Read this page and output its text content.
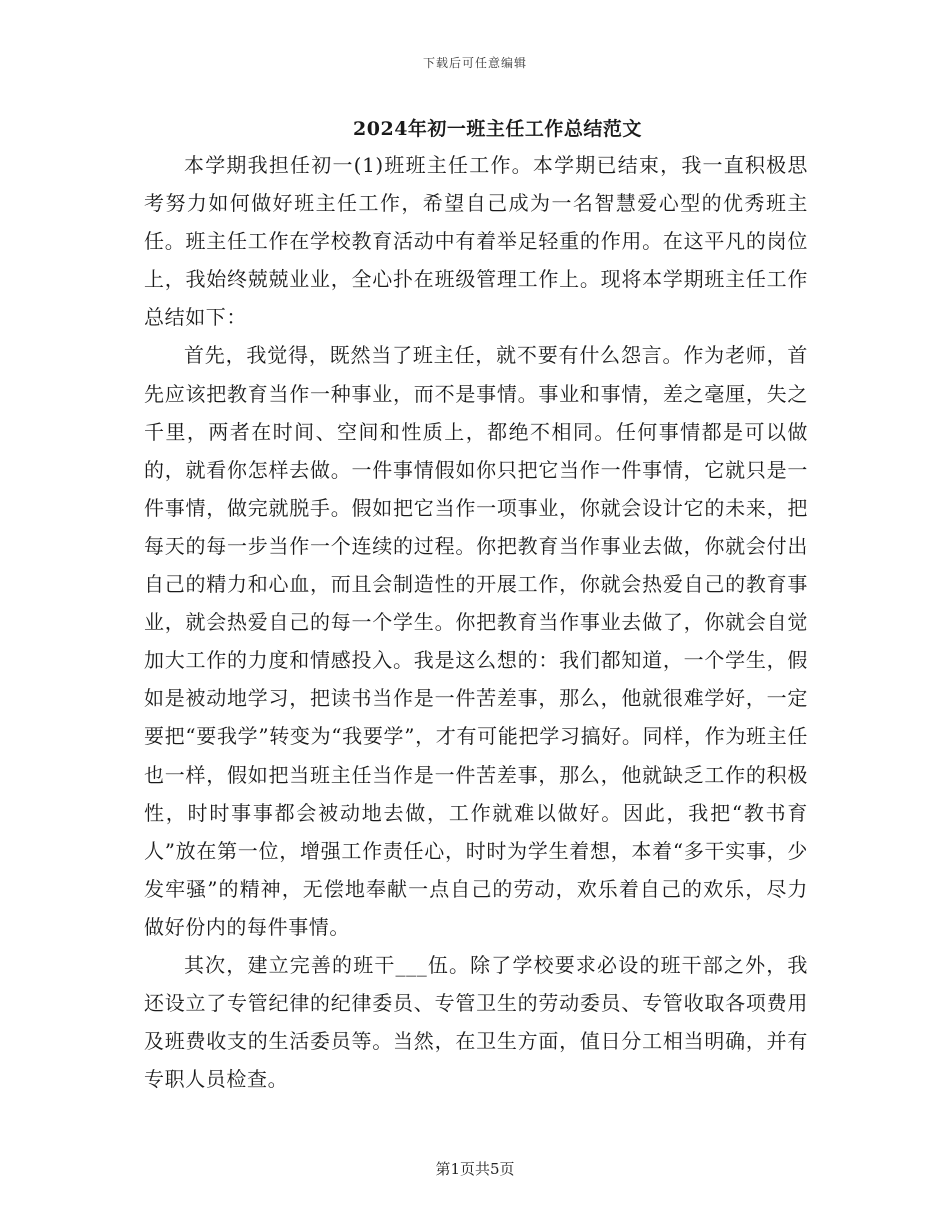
下载后可任意编辑
2024年初一班主任工作总结范文

本学期我担任初一(1)班班主任工作。本学期已结束，我一直积极思考努力如何做好班主任工作，希望自己成为一名智慧爱心型的优秀班主任。班主任工作在学校教育活动中有着举足轻重的作用。在这平凡的岗位上，我始终兢兢业业，全心扑在班级管理工作上。现将本学期班主任工作总结如下：

首先，我觉得，既然当了班主任，就不要有什么怨言。作为老师，首先应该把教育当作一种事业，而不是事情。事业和事情，差之毫厘，失之千里，两者在时间、空间和性质上，都绝不相同。任何事情都是可以做的，就看你怎样去做。一件事情假如你只把它当作一件事情，它就只是一件事情，做完就脱手。假如把它当作一项事业，你就会设计它的未来，把每天的每一步当作一个连续的过程。你把教育当作事业去做，你就会付出自己的精力和心血，而且会制造性的开展工作，你就会热爱自己的教育事业，就会热爱自己的每一个学生。你把教育当作事业去做了，你就会自觉加大工作的力度和情感投入。我是这么想的：我们都知道，一个学生，假如是被动地学习，把读书当作是一件苦差事，那么，他就很难学好，一定要把“要我学”转变为“我要学”，才有可能把学习搞好。同样，作为班主任也一样，假如把当班主任当作是一件苦差事，那么，他就缺乏工作的积极性，时时事事都会被动地去做，工作就难以做好。因此，我把“教书育人”放在第一位，增强工作责任心，时时为学生着想，本着“多干实事，少发牢骚”的精神，无偿地奉献一点自己的劳动，欢乐着自己的欢乐，尽力做好份内的每件事情。

其次，建立完善的班干___伍。除了学校要求必设的班干部之外，我还设立了专管纪律的纪律委员、专管卫生的劳动委员、专管收取各项费用及班费收支的生活委员等。当然，在卫生方面，值日分工相当明确，并有专职人员检查。

第1页共5页
